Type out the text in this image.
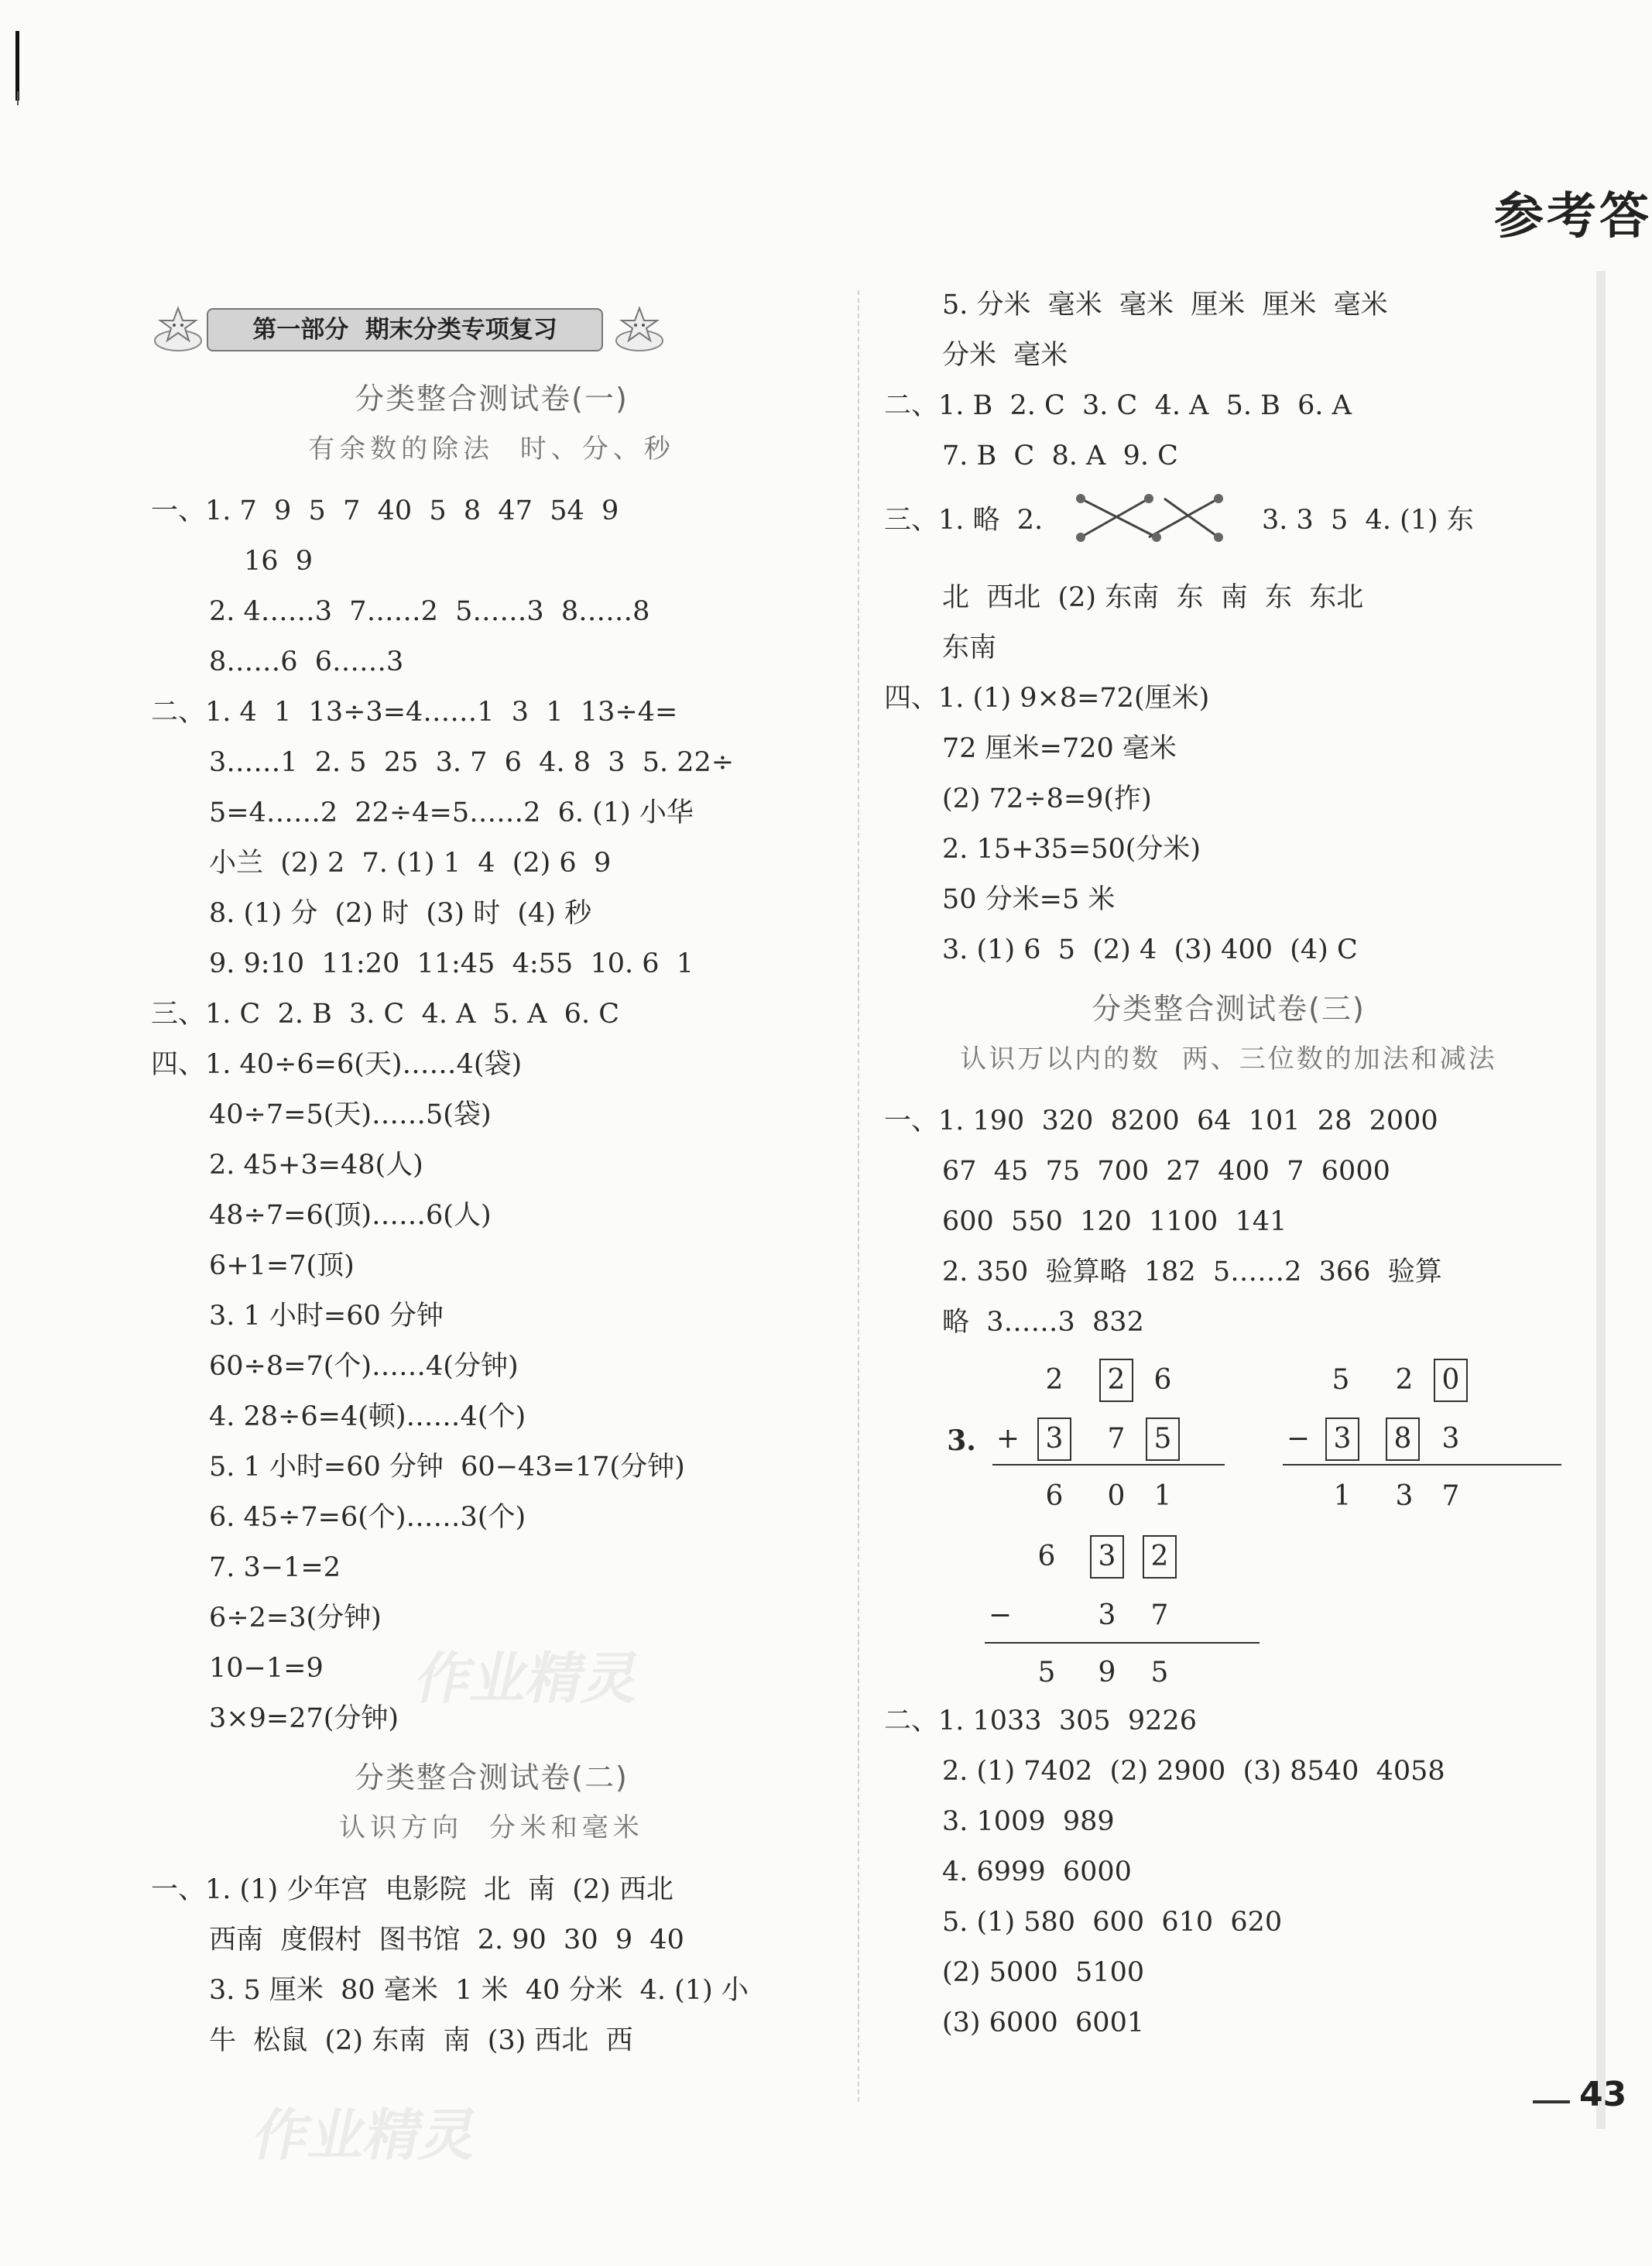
参考答
43
作业精灵
作业精灵
第一部分  期末分类专项复习
分类整合测试卷(一)
有余数的除法  时、分、秒
一、1. 7  9  5  7  40  5  8  47  54  9
16  9
2. 4……3  7……2  5……3  8……8
8……6  6……3
二、1. 4  1  13÷3=4……1  3  1  13÷4=
3……1  2. 5  25  3. 7  6  4. 8  3  5. 22÷
5=4……2  22÷4=5……2  6. (1) 小华
小兰  (2) 2  7. (1) 1  4  (2) 6  9
8. (1) 分  (2) 时  (3) 时  (4) 秒
9. 9:10  11:20  11:45  4:55  10. 6  1
三、1. C  2. B  3. C  4. A  5. A  6. C
四、1. 40÷6=6(天)……4(袋)
40÷7=5(天)……5(袋)
2. 45+3=48(人)
48÷7=6(顶)……6(人)
6+1=7(顶)
3. 1 小时=60 分钟
60÷8=7(个)……4(分钟)
4. 28÷6=4(顿)……4(个)
5. 1 小时=60 分钟  60−43=17(分钟)
6. 45÷7=6(个)……3(个)
7. 3−1=2
6÷2=3(分钟)
10−1=9
3×9=27(分钟)
分类整合测试卷(二)
认识方向  分米和毫米
一、1. (1) 少年宫  电影院  北  南  (2) 西北
西南  度假村  图书馆  2. 90  30  9  40
3. 5 厘米  80 毫米  1 米  40 分米  4. (1) 小
牛  松鼠  (2) 东南  南  (3) 西北  西
5. 分米  毫米  毫米  厘米  厘米  毫米
分米  毫米
二、1. B  2. C  3. C  4. A  5. B  6. A
7. B  C  8. A  9. C

三、1. 略  2.

	3. 3  5  4. (1) 东

北  西北  (2) 东南  东  南  东  东北
东南
四、1. (1) 9×8=72(厘米)
72 厘米=720 毫米
(2) 72÷8=9(拃)
2. 15+35=50(分米)
50 分米=5 米
3. (1) 6  5  (2) 4  (3) 400  (4) C
分类整合测试卷(三)
认识万以内的数  两、三位数的加法和减法
一、1. 190  320  8200  64  101  28  2000
67  45  75  700  27  400  7  6000
600  550  120  1100  141
2. 350  验算略  182  5……2  366  验算
略  3……3  832
3.
2 2 6
+ 3 7 5
6 0 1
5 2 0
− 3 8 3
1 3 7
6 3 2
−	3 7
5 9 5
二、1. 1033  305  9226
2. (1) 7402  (2) 2900  (3) 8540  4058
3. 1009  989
4. 6999  6000
5. (1) 580  600  610  620
(2) 5000  5100
(3) 6000  6001
